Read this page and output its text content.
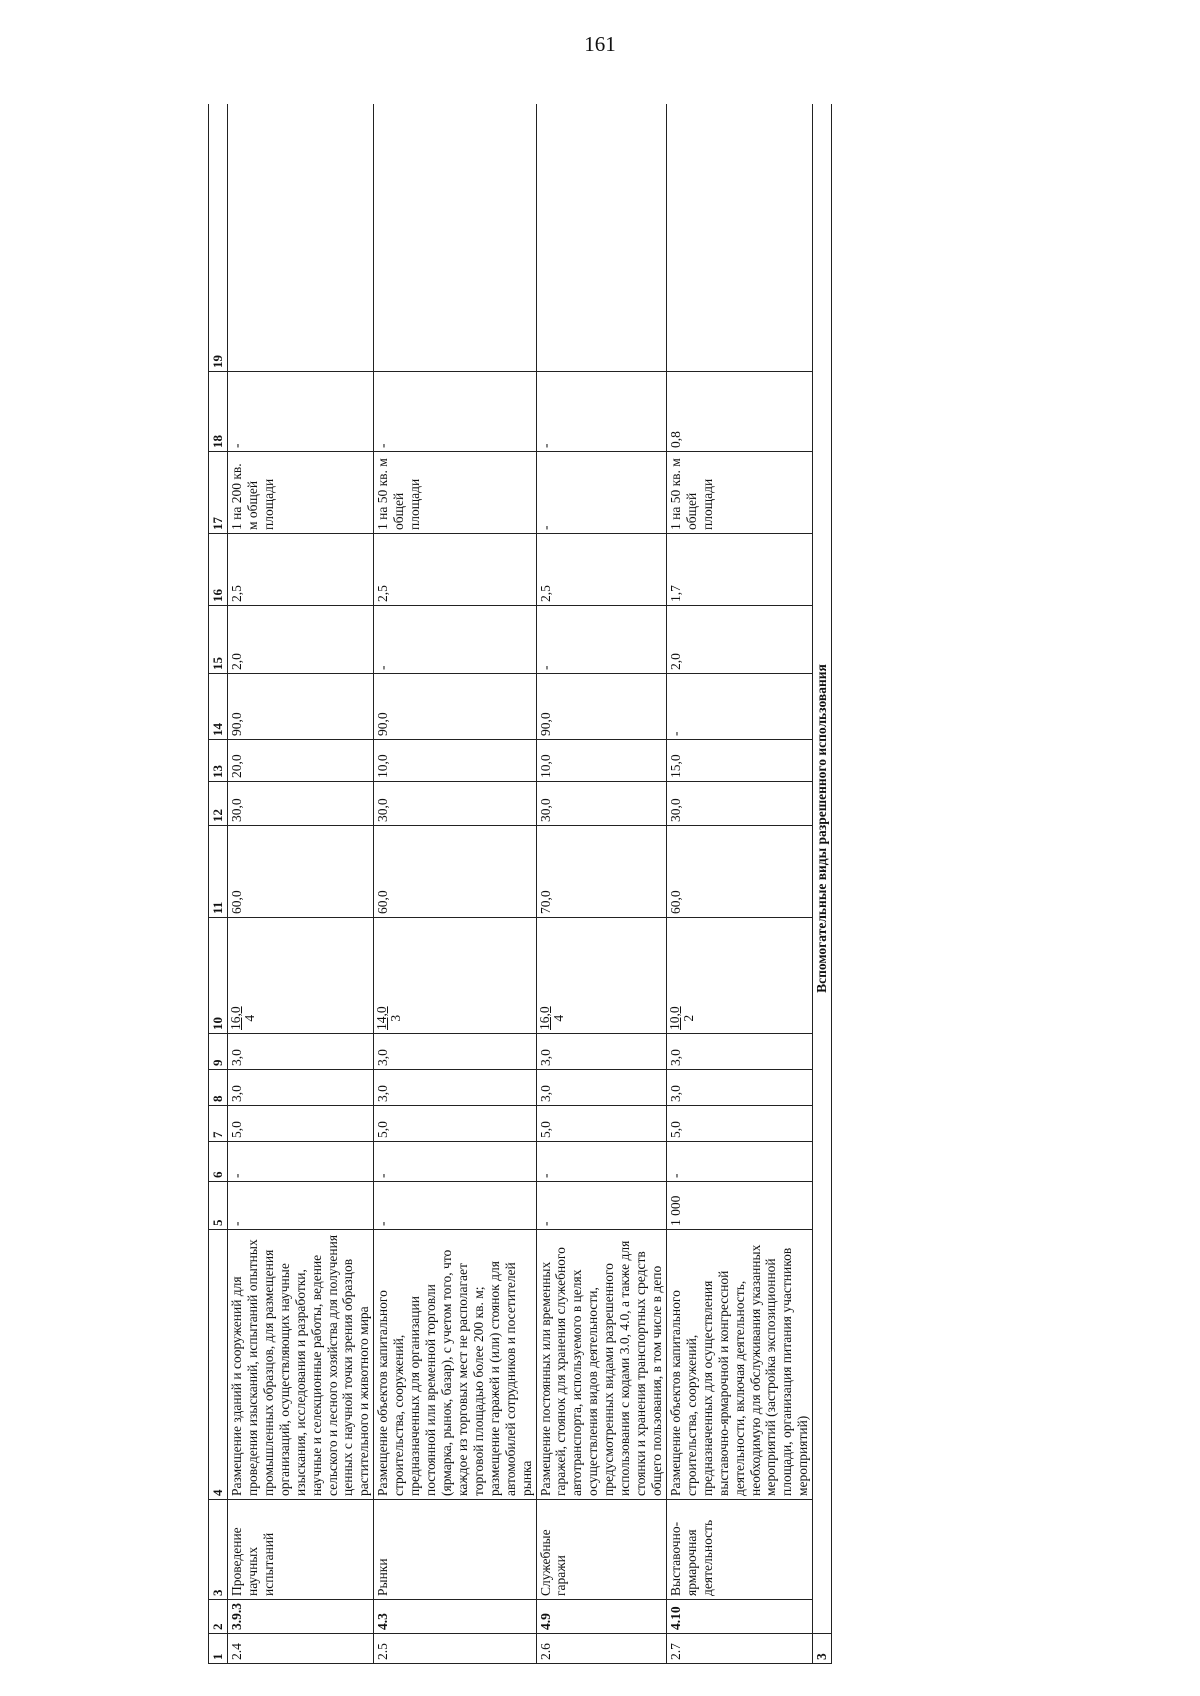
161
1	2	3	4	5	6	7	8	9	10	11	12	13	14	15	16	17	18	19
2.4	3.9.3	Проведение научных испытаний	Размещение зданий и сооружений для проведения изысканий, испытаний опытных промышленных образцов, для размещения организаций, осуществляющих научные изыскания, исследования и разработки, научные и селекционные работы, ведение сельского и лесного хозяйства для получения ценных с научной точки зрения образцов растительного и животного мира	-	-	5,0	3,0	3,0	16,0 4	60,0	30,0	20,0	90,0	2,0	2,5	1 на 200 кв. м общей площади	-	
2.5	4.3	Рынки	Размещение объектов капитального строительства, сооружений, предназначенных для организации постоянной или временной торговли (ярмарка, рынок, базар), с учетом того, что каждое из торговых мест не располагает торговой площадью более 200 кв. м; размещение гаражей и (или) стоянок для автомобилей сотрудников и посетителей рынка	-	-	5,0	3,0	3,0	14,0 3	60,0	30,0	10,0	90,0	-	2,5	1 на 50 кв. м общей площади	-	
2.6	4.9	Служебные гаражи	Размещение постоянных или временных гаражей, стоянок для хранения служебного автотранспорта, используемого в целях осуществления видов деятельности, предусмотренных видами разрешенного использования с кодами 3.0, 4.0, а также для стоянки и хранения транспортных средств общего пользования, в том числе в депо	-	-	5,0	3,0	3,0	16,0 4	70,0	30,0	10,0	90,0	-	2,5	-	-	
2.7	4.10	Выставочно-ярмарочная деятельность	Размещение объектов капитального строительства, сооружений, предназначенных для осуществления выставочно-ярмарочной и конгрессной деятельности, включая деятельность, необходимую для обслуживания указанных мероприятий (застройка экспозиционной площади, организация питания участников мероприятий)	1 000	-	5,0	3,0	3,0	10,0 2	60,0	30,0	15,0	-	2,0	1,7	1 на 50 кв. м общей площади	0,8	
3	Вспомогательные виды разрешенного использования																	
